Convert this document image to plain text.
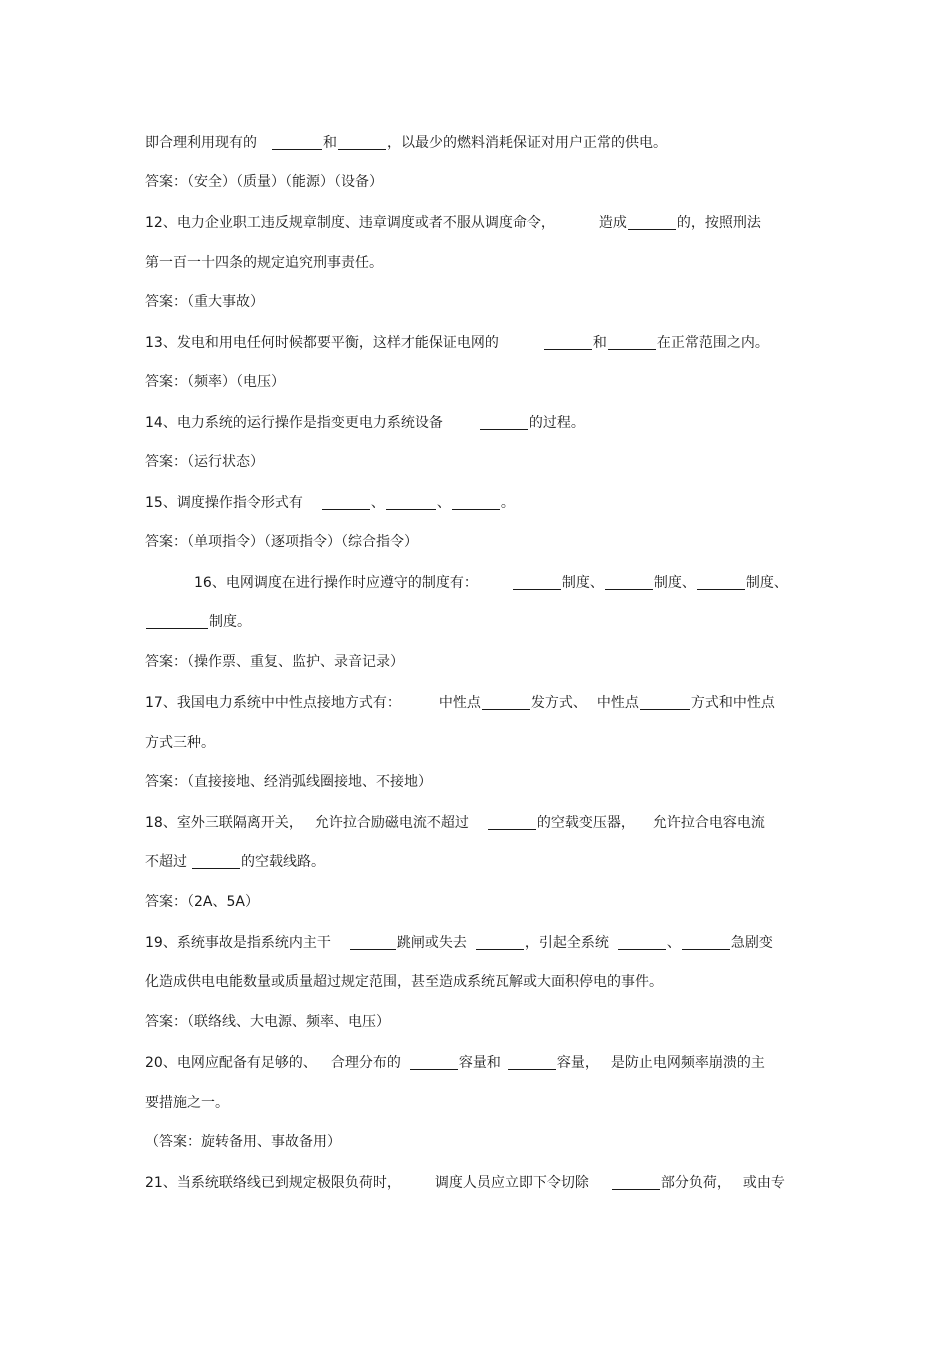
即合理利用现有的	和	，以最少的燃料消耗保证对用户正常的供电。
答案：（安全）（质量）（能源）（设备）
12、电力企业职工违反规章制度、违章调度或者不服从调度命令，	造成	的，按照刑法
第一百一十四条的规定追究刑事责任。
答案：（重大事故）
13、发电和用电任何时候都要平衡，这样才能保证电网的	和	在正常范围之内。
答案：（频率）（电压）
14、电力系统的运行操作是指变更电力系统设备	的过程。
答案：（运行状态）
15、调度操作指令形式有	、	、	。
答案：（单项指令）（逐项指令）（综合指令）
16、电网调度在进行操作时应遵守的制度有：	制度、	制度、	制度、
制度。
答案：（操作票、重复、监护、录音记录）
17、我国电力系统中中性点接地方式有：	中性点	发方式、 中性点	方式和中性点
方式三种。
答案：（直接接地、经消弧线圈接地、不接地）
18、室外三联隔离开关， 允许拉合励磁电流不超过	的空载变压器， 允许拉合电容电流
不超过	的空载线路。
答案：（2A、5A）
19、系统事故是指系统内主干	跳闸或失去	，引起全系统	、	急剧变
化造成供电电能数量或质量超过规定范围，甚至造成系统瓦解或大面积停电的事件。
答案：（联络线、大电源、频率、电压）
20、电网应配备有足够的、 合理分布的	容量和	容量， 是防止电网频率崩溃的主
要措施之一。
（答案：旋转备用、事故备用）
21、当系统联络线已到规定极限负荷时， 调度人员应立即下令切除	部分负荷， 或由专
